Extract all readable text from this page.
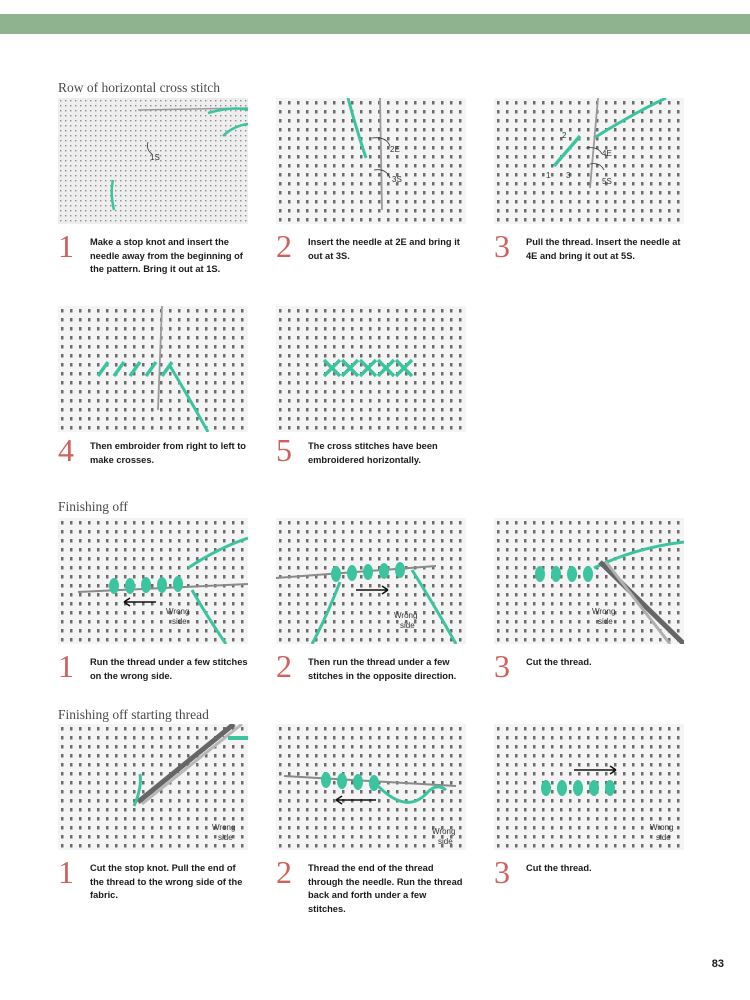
Row of horizontal cross stitch
1S
2E
3S
2
4E
1 3
5S
1 Make a stop knot and insert the needle away from the beginning of the pattern. Bring it out at 1S.
2 Insert the needle at 2E and bring it out at 3S.	3 Pull the thread. Insert the needle at 4E and bring it out at 5S.
4 Then embroider from right to left to make crosses.	5 The cross stitches have been embroidered horizontally.
Finishing off
Wrong
side
Wrong
side
Wrong
side
1 Run the thread under a few stitches on the wrong side.	2 Then run the thread under a few stitches in the opposite direction.	3 Cut the thread.
Finishing off starting thread
Wrong
side
Wrong
side
Wrong
side
1 Cut the stop knot. Pull the end of the thread to the wrong side of the fabric.
2 Thread the end of the thread through the needle. Run the thread back and forth under a few stitches.
3 Cut the thread.
83
